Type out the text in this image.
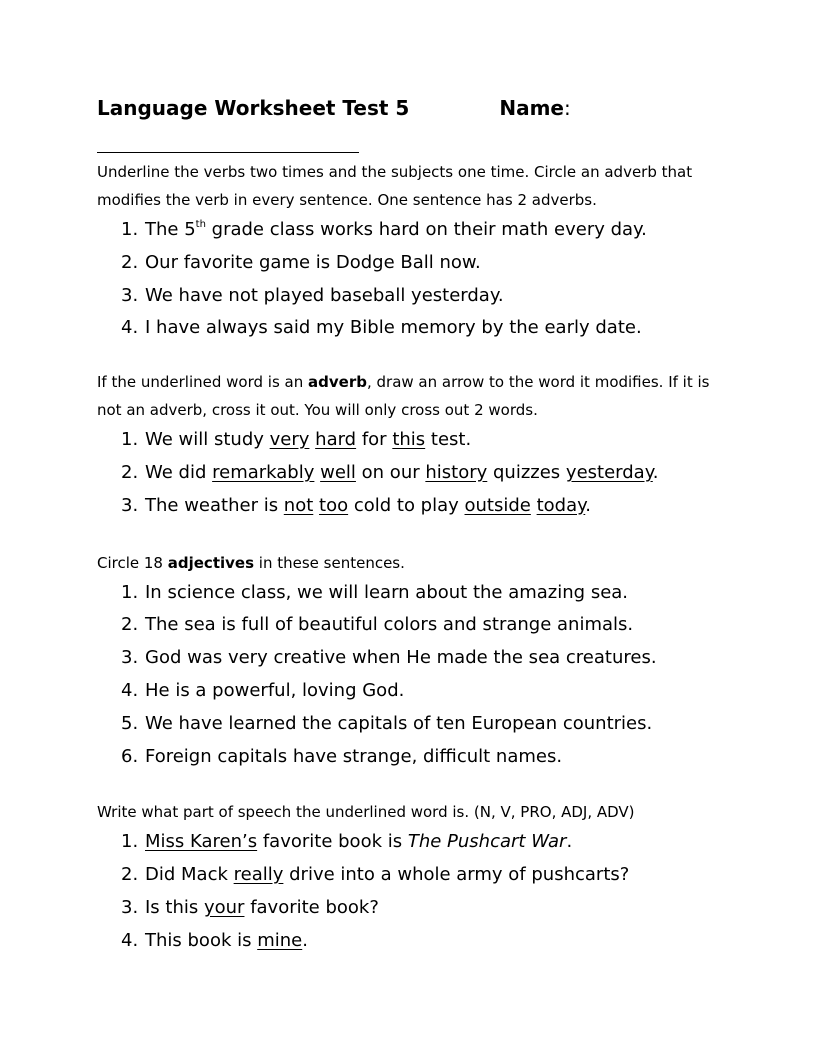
Language Worksheet Test 5	Name :
Underline the verbs two times and the subjects one time. Circle an adverb that modifies the verb in every sentence. One sentence has 2 adverbs.
1. The 5th grade class works hard on their math every day.
2. Our favorite game is Dodge Ball now.
3. We have not played baseball yesterday.
4. I have always said my Bible memory by the early date.
If the underlined word is an adverb, draw an arrow to the word it modifies. If it is not an adverb, cross it out. You will only cross out 2 words.
1. We will study very hard for this test.
2. We did remarkably well on our history quizzes yesterday.
3. The weather is not too cold to play outside today.
Circle 18 adjectives in these sentences.
1. In science class, we will learn about the amazing sea.
2. The sea is full of beautiful colors and strange animals.
3. God was very creative when He made the sea creatures.
4. He is a powerful, loving God.
5. We have learned the capitals of ten European countries.
6. Foreign capitals have strange, difficult names.
Write what part of speech the underlined word is. (N, V, PRO, ADJ, ADV)
1. Miss Karen’s favorite book is The Pushcart War.
2. Did Mack really drive into a whole army of pushcarts?
3. Is this your favorite book?
4. This book is mine.
